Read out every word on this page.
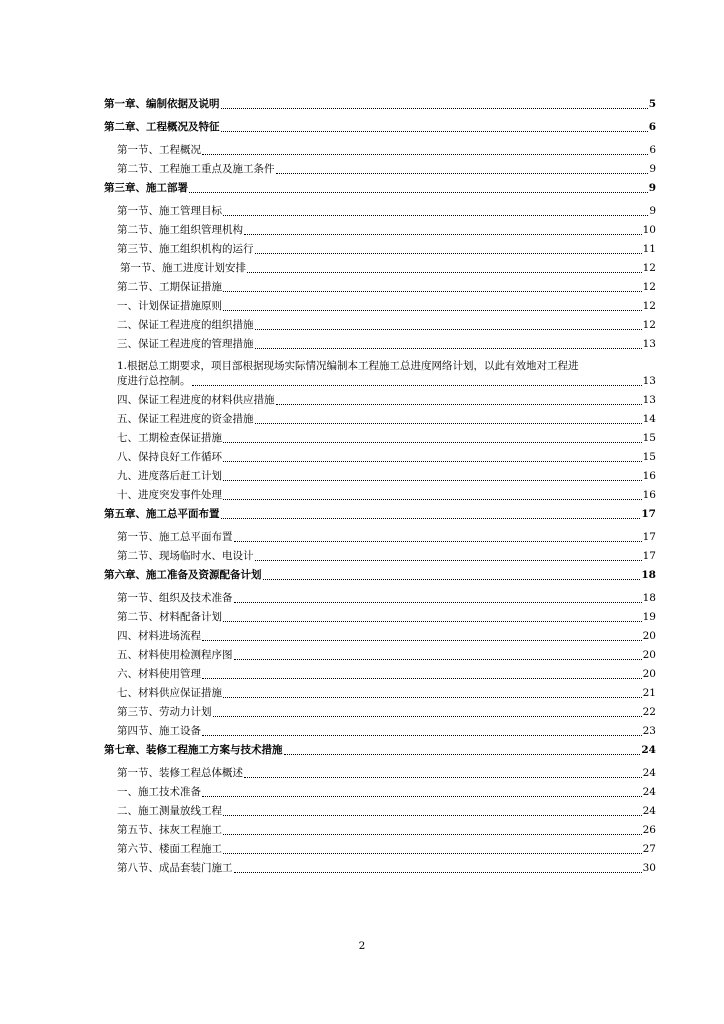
第一章、编制依据及说明	5
第二章、工程概况及特征	6
第一节、工程概况	6
第二节、工程施工重点及施工条件	9
第三章、施工部署	9
第一节、施工管理目标	9
第二节、施工组织管理机构	10
第三节、施工组织机构的运行	11
第一节、施工进度计划安排	12
第二节、工期保证措施	12
一、计划保证措施原则	12
二、保证工程进度的组织措施	12
三、保证工程进度的管理措施	13
1.根据总工期要求，项目部根据现场实际情况编制本工程施工总进度网络计划，以此有效地对工程进
度进行总控制。	13
四、保证工程进度的材料供应措施	13
五、保证工程进度的资金措施	14
七、工期检查保证措施	15
八、保持良好工作循环	15
九、进度落后赶工计划	16
十、进度突发事件处理	16
第五章、施工总平面布置	17
第一节、施工总平面布置	17
第二节、现场临时水、电设计	17
第六章、施工准备及资源配备计划	18
第一节、组织及技术准备	18
第二节、材料配备计划	19
四、材料进场流程	20
五、材料使用检测程序图	20
六、材料使用管理	20
七、材料供应保证措施	21
第三节、劳动力计划	22
第四节、施工设备	23
第七章、装修工程施工方案与技术措施	24
第一节、装修工程总体概述	24
一、施工技术准备	24
二、施工测量放线工程	24
第五节、抹灰工程施工	26
第六节、楼面工程施工	27
第八节、成品套装门施工	30
2
